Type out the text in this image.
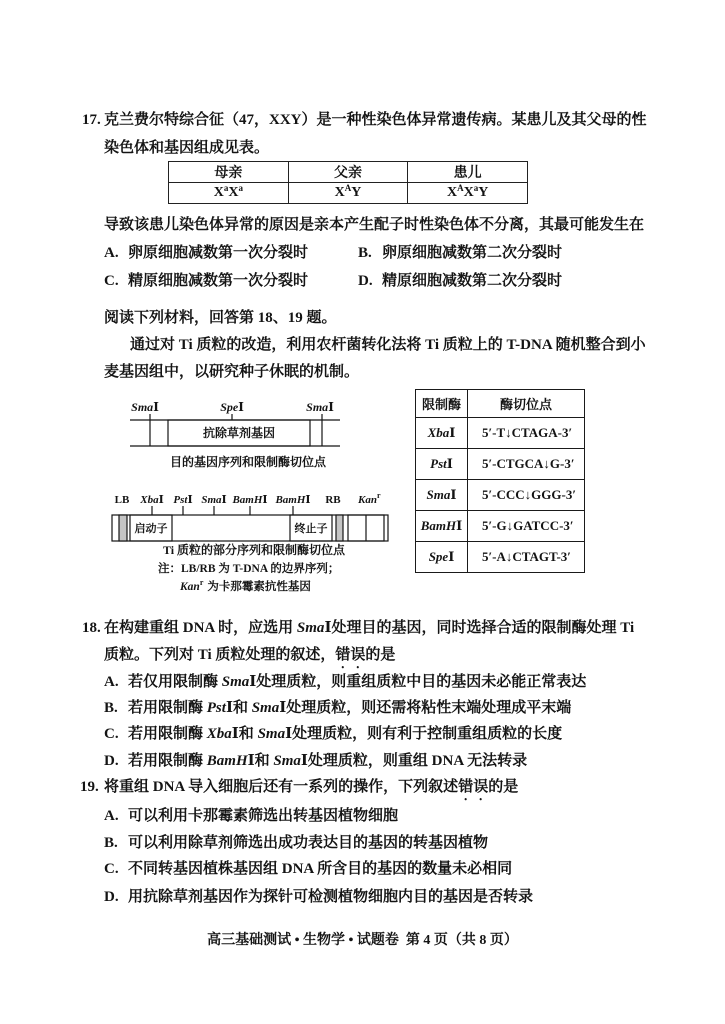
17. 克兰费尔特综合征（47，XXY）是一种性染色体异常遗传病。某患儿及其父母的性
染色体和基因组成见表。
母亲	父亲	患儿
$X^aX^a$	$X^AY$	$X^AX^aY$
导致该患儿染色体异常的原因是亲本产生配子时性染色体不分离，其最可能发生在
A. 卵原细胞减数第一次分裂时	B. 卵原细胞减数第二次分裂时
C. 精原细胞减数第一次分裂时	D. 精原细胞减数第二次分裂时
阅读下列材料，回答第 18、19 题。
通过对 Ti 质粒的改造，利用农杆菌转化法将 Ti 质粒上的 T-DNA 随机整合到小
麦基因组中，以研究种子休眠的机制。
SmaⅠ	SpeⅠ	SmaⅠ
抗除草剂基因
目的基因序列和限制酶切位点
LB XbaⅠ PstⅠ SmaⅠ BamHⅠ BamHⅠ RB Kan$^r$
启动子	终止子
Ti 质粒的部分序列和限制酶切位点
注：LB/RB 为 T-DNA 的边界序列；
Kan$^r$ 为卡那霉素抗性基因
限制酶	酶切位点
XbaⅠ	5′-T↓CTAGA-3′
PstⅠ	5′-CTGCA↓G-3′
SmaⅠ	5′-CCC↓GGG-3′
BamHⅠ	5′-G↓GATCC-3′
SpeⅠ	5′-A↓CTAGT-3′
18. 在构建重组 DNA 时，应选用 SmaⅠ处理目的基因，同时选择合适的限制酶处理 Ti
质粒。下列对 Ti 质粒处理的叙述，错误的是
A. 若仅用限制酶 SmaⅠ处理质粒，则重组质粒中目的基因未必能正常表达
B. 若用限制酶 PstⅠ和 SmaⅠ处理质粒，则还需将粘性末端处理成平末端
C. 若用限制酶 XbaⅠ和 SmaⅠ处理质粒，则有利于控制重组质粒的长度
D. 若用限制酶 BamHⅠ和 SmaⅠ处理质粒，则重组 DNA 无法转录
19. 将重组 DNA 导入细胞后还有一系列的操作，下列叙述错误的是
A. 可以利用卡那霉素筛选出转基因植物细胞
B. 可以利用除草剂筛选出成功表达目的基因的转基因植物
C. 不同转基因植株基因组 DNA 所含目的基因的数量未必相同
D. 用抗除草剂基因作为探针可检测植物细胞内目的基因是否转录
高三基础测试 • 生物学 • 试题卷  第 4 页（共 8 页）
